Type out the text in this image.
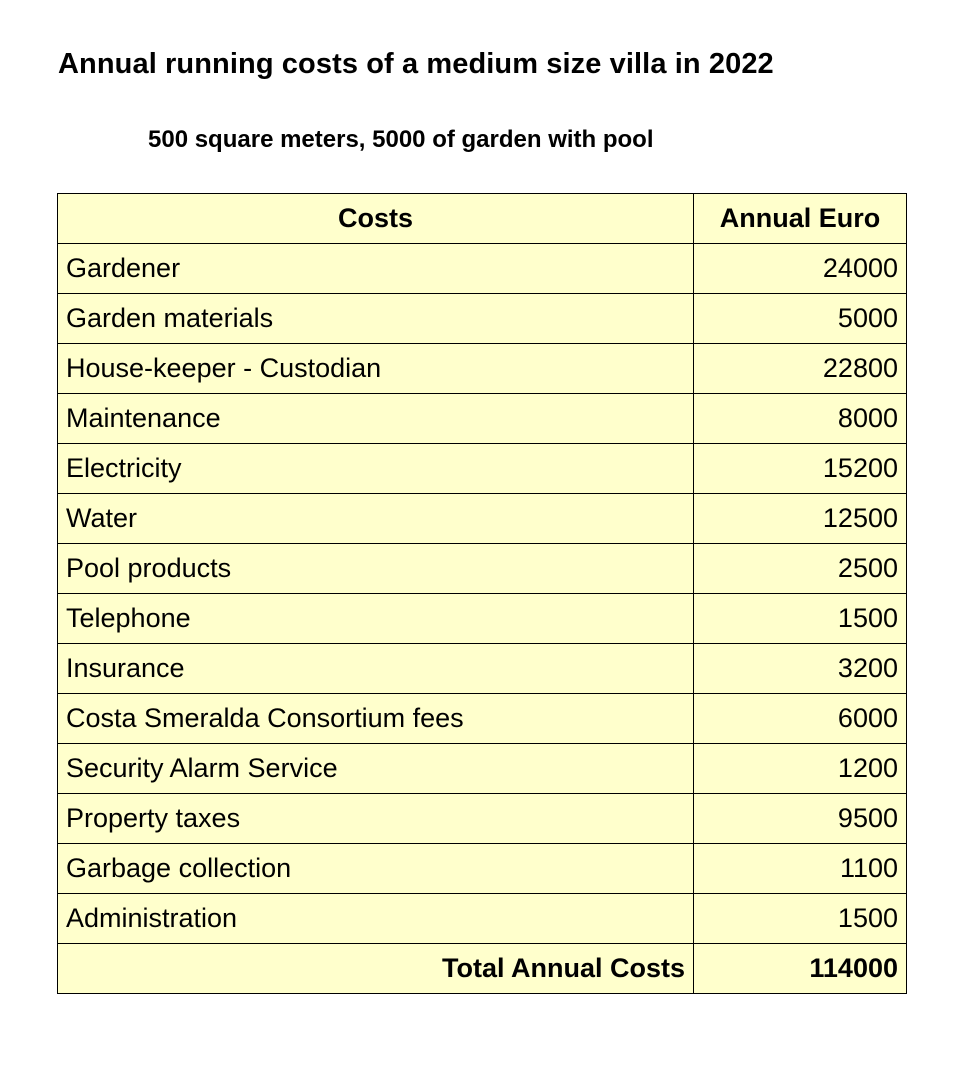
Annual running costs of a medium size villa in 2022
500 square meters, 5000 of garden with pool
Costs	Annual Euro
Gardener	24000
Garden materials	5000
House-keeper - Custodian	22800
Maintenance	8000
Electricity	15200
Water	12500
Pool products	2500
Telephone	1500
Insurance	3200
Costa Smeralda Consortium fees	6000
Security Alarm Service	1200
Property taxes	9500
Garbage collection	1100
Administration	1500
Total Annual Costs	114000
